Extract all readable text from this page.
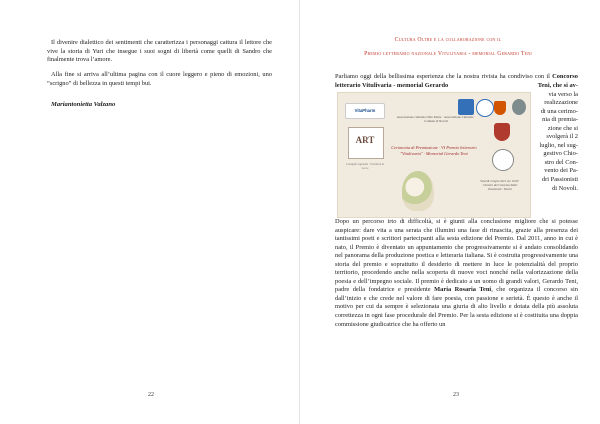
Il divenire dialettico dei sentimenti che caratterizza i personaggi cattura il lettore che vive la storia di Yuri che insegue i suoi sogni di libertà come quelli di Sandro che finalmente trova l’amore.

Alla fine si arriva all’ultima pagina con il cuore leggero e pieno di emozioni, uno “scrigno” di bellezza in questi tempi bui.

Mariantonietta Valzano
22
Cultura Oltre e la collaborazione con il
Premio letterario nazionale Vitulivaria - memorial Gerardo Teni

Parliamo oggi della bellissima esperienza che la nostra rivista ha condiviso con il Concorso letterario Vitulivaria - memorial Gerardo

VitaPharm
Associazione culturale Oltre Marte · Associazione Culturale · Comune di Novoli
ART
Cerimonia di Premiazione · VI Premio letterario "Vitulivaria" · Memorial Gerardo Teni
Consiglio regionale · Provincia di Lecce
Venerdì 2 luglio 2021 ore 19.00 · Chiostro del Convento Padri Passionisti · Novoli
Teni, che si av-
via verso la
realizzazione
di una cerimo-
nia di premia-
zione che si
svolgerà il 2
luglio, nel sug-
gestivo Chio-
stro del Con-
vento dei Pa-
dri Passionisti
di Novoli.

Dopo un percorso irto di difficoltà, si è giunti alla conclusione migliore che si potesse auspicare: dare vita a una serata che illumini una fase di rinascita, grazie alla presenza dei tantissimi poeti e scrittori partecipanti alla sesta edizione del Premio. Dal 2011, anno in cui è nato, il Premio è diventato un appuntamento che progressivamente si è andato consolidando nel panorama della produzione poetica e letteraria italiana. Si è costruita progressivamente una storia del premio e soprattutto il desiderio di mettere in luce le potenzialità del proprio territorio, procedendo anche nella scoperta di nuove voci nonché nella valorizzazione della poesia e dell’impegno sociale. Il premio è dedicato a un uomo di grandi valori, Gerardo Teni, padre della fondatrice e presidente Maria Rosaria Teni, che organizza il concorso sin dall’inizio e che crede nel valore di fare poesia, con passione e serietà. È questo è anche il motivo per cui da sempre è selezionata una giuria di alto livello e dotata della più assoluta correttezza in ogni fase procedurale del Premio. Per la sesta edizione si è costituita una doppia commissione giudicatrice che ha offerto un

23
